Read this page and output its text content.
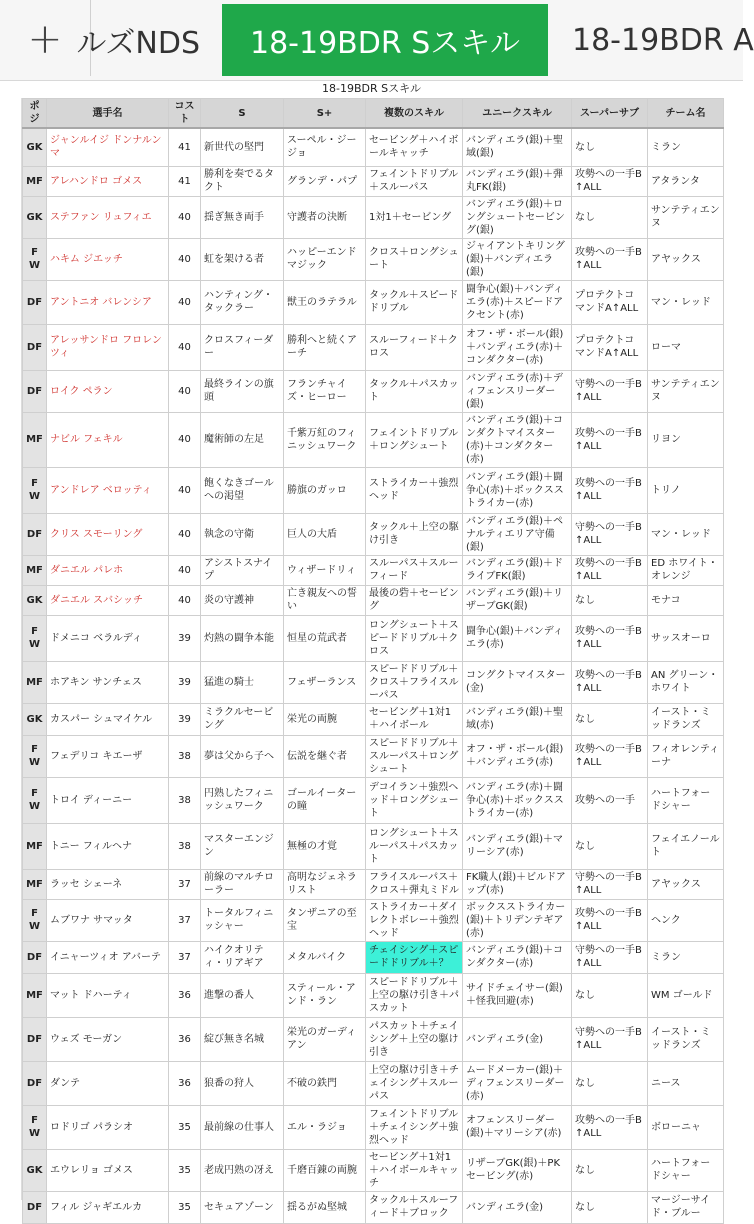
+ ルズNDS 18-19BDR Sスキル 18-19BDR A
18-19BDR Sスキル
ポジ	選手名	コスト	S	S+	複数のスキル	ユニークスキル	スーパーサブ	チーム名
GK	ジャンルイジ ドンナルンマ	41	新世代の堅門	スーペル・ジージョ	セービング＋ハイボールキャッチ	バンディエラ(銀)＋聖域(銀)	なし	ミラン
MF	アレハンドロ ゴメス	41	勝利を奏でるタクト	グランデ・パプ	フェイントドリブル＋スルーパス	バンディエラ(銀)＋弾丸FK(銀)	攻勢への一手B↑ALL	アタランタ
GK	ステファン リュフィエ	40	揺ぎ無き両手	守護者の決断	1対1＋セービング	バンディエラ(銀)＋ロングシュートセービング(銀)	なし	サンテティエンヌ
FW	ハキム ジエッチ	40	虹を架ける者	ハッピーエンドマジック	クロス＋ロングシュート	ジャイアントキリング(銀)＋バンディエラ(銀)	攻勢への一手B↑ALL	アヤックス
DF	アントニオ バレンシア	40	ハンティング・タックラー	獣王のラテラル	タックル＋スピードドリブル	闘争心(銀)＋バンディエラ(赤)＋スピードアクセント(赤)	プロテクトコマンドA↑ALL	マン・レッド
DF	アレッサンドロ フロレンツィ	40	クロスフィーダー	勝利へと続くアーチ	スルーフィード＋クロス	オフ・ザ・ボール(銀)＋バンディエラ(赤)＋コンダクター(赤)	プロテクトコマンドA↑ALL	ローマ
DF	ロイク ペラン	40	最終ラインの旗頭	フランチャイズ・ヒーロー	タックル＋パスカット	バンディエラ(赤)＋ディフェンスリーダー(銀)	守勢への一手B↑ALL	サンテティエンヌ
MF	ナビル フェキル	40	魔術師の左足	千紫万紅のフィニッシュワーク	フェイントドリブル＋ロングシュート	バンディエラ(銀)＋コンダクトマイスター(赤)＋コンダクター(赤)	攻勢への一手B↑ALL	リヨン
FW	アンドレア ベロッティ	40	飽くなきゴールへの渇望	勝旗のガッロ	ストライカー＋強烈ヘッド	バンディエラ(銀)＋闘争心(赤)＋ボックスストライカー(赤)	攻勢への一手B↑ALL	トリノ
DF	クリス スモーリング	40	執念の守衛	巨人の大盾	タックル＋上空の駆け引き	バンディエラ(銀)＋ペナルティエリア守備(銀)	守勢への一手B↑ALL	マン・レッド
MF	ダニエル パレホ	40	アシストスナイプ	ウィザードリィ	スルーパス＋スルーフィード	バンディエラ(銀)＋ドライブFK(銀)	攻勢への一手B↑ALL	ED ホワイト・オレンジ
GK	ダニエル スバシッチ	40	炎の守護神	亡き親友への誓い	最後の砦＋セービング	バンディエラ(銀)＋リザーブGK(銀)	なし	モナコ
FW	ドメニコ ベラルディ	39	灼熱の闘争本能	恒星の荒武者	ロングシュート＋スピードドリブル＋クロス	闘争心(銀)＋バンディエラ(赤)	攻勢への一手B↑ALL	サッスオーロ
MF	ホアキン サンチェス	39	猛進の騎士	フェザーランス	スピードドリブル＋クロス＋フライスルーパス	コングクトマイスター(金)	攻勢への一手B↑ALL	AN グリーン・ホワイト
GK	カスパー シュマイケル	39	ミラクルセービング	栄光の両腕	セービング＋1対1＋ハイボール	バンディエラ(銀)＋聖域(赤)	なし	イースト・ミッドランズ
FW	フェデリコ キエーザ	38	夢は父から子へ	伝説を継ぐ者	スピードドリブル＋スルーパス＋ロングシュート	オフ・ザ・ボール(銀)＋バンディエラ(赤)	攻勢への一手B↑ALL	フィオレンティーナ
FW	トロイ ディーニー	38	円熟したフィニッシュワーク	ゴールイーターの瞳	デコイラン＋強烈ヘッド＋ロングシュート	バンディエラ(赤)＋闘争心(赤)＋ボックスストライカー(赤)	攻勢への一手	ハートフォードシャー
MF	トニー フィルヘナ	38	マスターエンジン	無極の才覚	ロングシュート＋スルーパス＋パスカット	バンディエラ(銀)＋マリーシア(赤)	なし	フェイエノールト
MF	ラッセ シェーネ	37	前線のマルチローラー	高明なジェネラリスト	フライスルーパス＋クロス＋弾丸ミドル	FK職人(銀)＋ビルドアップ(赤)	守勢への一手B↑ALL	アヤックス
FW	ムブワナ サマッタ	37	トータルフィニッシャー	タンザニアの至宝	ストライカー＋ダイレクトボレー＋強烈ヘッド	ボックスストライカー(銀)＋トリデンテギア(赤)	攻勢への一手B↑ALL	ヘンク
DF	イニャーツィオ アバーテ	37	ハイクオリティ・リアギア	メタルバイク	チェイシング＋スピードドリブル＋？	バンディエラ(銀)＋コンダクター(赤)	守勢への一手B↑ALL	ミラン
MF	マット ドハーティ	36	進撃の番人	スティール・アンド・ラン	スピードドリブル＋上空の駆け引き＋パスカット	サイドチェイサー(銀)＋怪我回避(赤)	なし	WM ゴールド
DF	ウェズ モーガン	36	綻び無き名城	栄光のガーディアン	パスカット＋チェイシング＋上空の駆け引き	バンディエラ(金)	守勢への一手B↑ALL	イースト・ミッドランズ
DF	ダンテ	36	狼番の狩人	不破の鉄門	上空の駆け引き＋チェイシング＋スルーパス	ムードメーカー(銀)＋ディフェンスリーダー(赤)	なし	ニース
FW	ロドリゴ パラシオ	35	最前線の仕事人	エル・ラジョ	フェイントドリブル＋チェイシング＋強烈ヘッド	オフェンスリーダー(銀)＋マリーシア(赤)	攻勢への一手B↑ALL	ボローニャ
GK	エウレリョ ゴメス	35	老成円熟の冴え	千磨百錬の両腕	セービング＋1対1＋ハイボールキャッチ	リザーブGK(銀)＋PKセービング(赤)	なし	ハートフォードシャー
DF	フィル ジャギエルカ	35	セキュアゾーン	揺るがぬ堅城	タックル＋スルーフィード＋ブロック	バンディエラ(金)	なし	マージーサイド・ブルー
